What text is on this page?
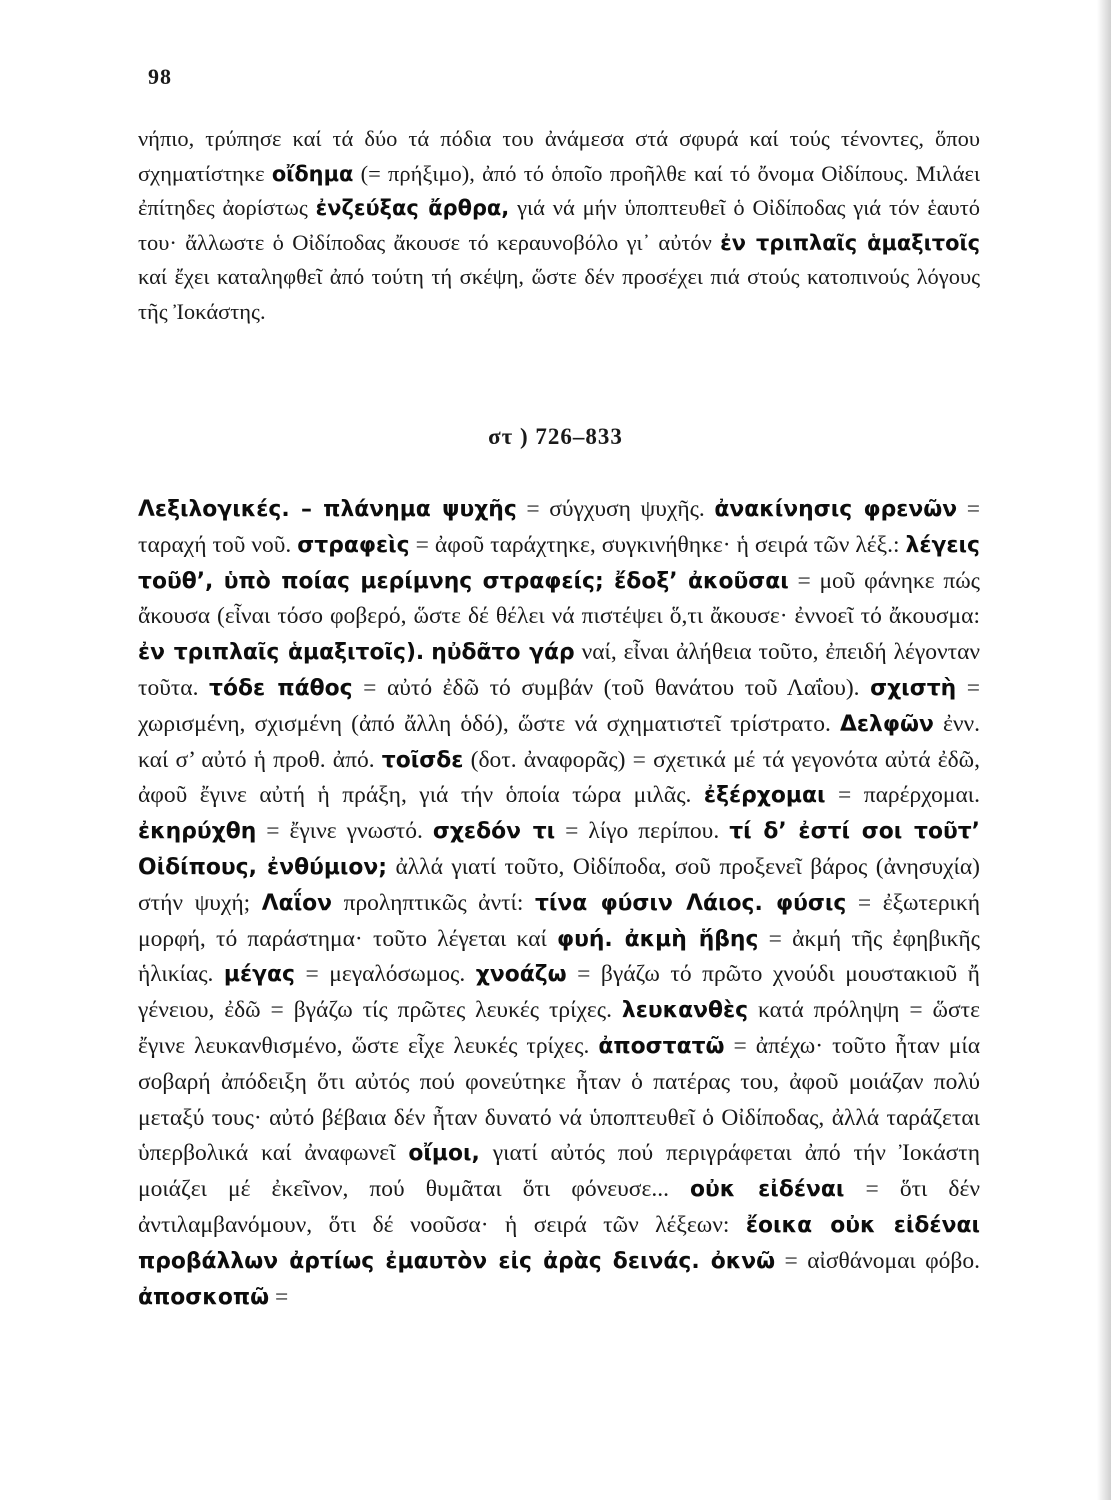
98

νήπιο, τρύπησε καί τά δύο τά πόδια του ἀνάμεσα στά σφυρά καί τούς τένοντες, ὅπου σχηματίστηκε οἴδημα (= πρήξιμο), ἀπό τό ὁποῖο προῆλθε καί τό ὄνομα Οἰδίπους. Μιλάει ἐπίτηδες ἀορίστως ἐνζεύξας ἄρθρα, γιά νά μήν ὑποπτευθεῖ ὁ Οἰδίποδας γιά τόν ἑαυτό του· ἄλλωστε ὁ Οἰδίποδας ἄκουσε τό κεραυνοβόλο γι᾽ αὐτόν ἐν τριπλαῖς ἁμαξιτοῖς καί ἔχει καταληφθεῖ ἀπό τούτη τή σκέψη, ὥστε δέν προσέχει πιά στούς κατοπινούς λόγους τῆς Ἰοκάστης.

στ ) 726–833

Λεξιλογικές. – πλάνημα ψυχῆς = σύγχυση ψυχῆς. ἀνακίνησις φρενῶν = ταραχή τοῦ νοῦ. στραφεὶς = ἀφοῦ ταράχτηκε, συγκινήθηκε· ἡ σειρά τῶν λέξ.: λέγεις τοῦθ’, ὑπὸ ποίας μερίμνης στραφείς; ἔδοξ’ ἀκοῦσαι = μοῦ φάνηκε πώς ἄκουσα (εἶναι τόσο φοβερό, ὥστε δέ θέλει νά πιστέψει ὅ,τι ἄκουσε· ἐννοεῖ τό ἄκουσμα: ἐν τριπλαῖς ἁμαξιτοῖς). ηὐδᾶτο γάρ ναί, εἶναι ἀλήθεια τοῦτο, ἐπειδή λέγονταν τοῦτα. τόδε πάθος = αὐτό ἐδῶ τό συμβάν (τοῦ θανάτου τοῦ Λαΐου). σχιστὴ = χωρισμένη, σχισμένη (ἀπό ἄλλη ὁδό), ὥστε νά σχηματιστεῖ τρίστρατο. Δελφῶν ἐνν. καί σ’ αὐτό ἡ προθ. ἀπό. τοῖσδε (δοτ. ἀναφορᾶς) = σχετικά μέ τά γεγονότα αὐτά ἐδῶ, ἀφοῦ ἔγινε αὐτή ἡ πράξη, γιά τήν ὁποία τώρα μιλᾶς. ἐξέρχομαι = παρέρχομαι. ἐκηρύχθη = ἔγινε γνωστό. σχεδόν τι = λίγο περίπου. τί δ’ ἐστί σοι τοῦτ’ Οἰδίπους, ἐνθύμιον; ἀλλά γιατί τοῦτο, Οἰδίποδα, σοῦ προξενεῖ βάρος (ἀνησυχία) στήν ψυχή; Λαΐον προληπτικῶς ἀντί: τίνα φύσιν Λάιος. φύσις = ἐξωτερική μορφή, τό παράστημα· τοῦτο λέγεται καί φυή. ἀκμὴ ἥβης = ἀκμή τῆς ἐφηβικῆς ἡλικίας. μέγας = μεγαλόσωμος. χνοάζω = βγάζω τό πρῶτο χνούδι μουστακιοῦ ἤ γένειου, ἐδῶ = βγάζω τίς πρῶτες λευκές τρίχες. λευκανθὲς κατά πρόληψη = ὥστε ἔγινε λευκανθισμένο, ὥστε εἶχε λευκές τρίχες. ἀποστατῶ = ἀπέχω· τοῦτο ἦταν μία σοβαρή ἀπόδειξη ὅτι αὐτός πού φονεύτηκε ἦταν ὁ πατέρας του, ἀφοῦ μοιάζαν πολύ μεταξύ τους· αὐτό βέβαια δέν ἦταν δυνατό νά ὑποπτευθεῖ ὁ Οἰδίποδας, ἀλλά ταράζεται ὑπερβολικά καί ἀναφωνεῖ οἴμοι, γιατί αὐτός πού περιγράφεται ἀπό τήν Ἰοκάστη μοιάζει μέ ἐκεῖνον, πού θυμᾶται ὅτι φόνευσε... οὐκ εἰδέναι = ὅτι δέν ἀντιλαμβανόμουν, ὅτι δέ νοοῦσα· ἡ σειρά τῶν λέξεων: ἔοικα οὐκ εἰδέναι προβάλλων ἀρτίως ἐμαυτὸν εἰς ἀρὰς δεινάς. ὀκνῶ = αἰσθάνομαι φόβο. ἀποσκοπῶ =
